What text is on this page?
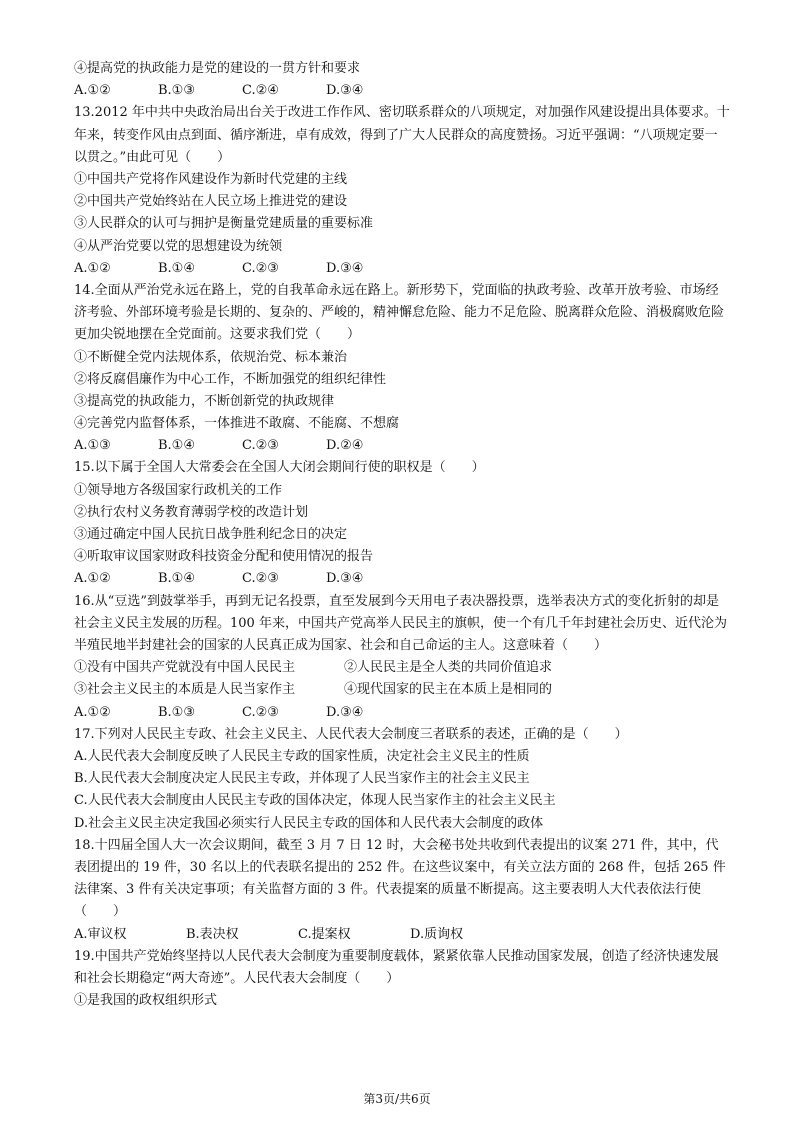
④提高党的执政能力是党的建设的一贯方针和要求
A.①②	B.①③	C.②④	D.③④
13.2012 年中共中央政治局出台关于改进工作作风、密切联系群众的八项规定，对加强作风建设提出具体要求。十年来，转变作风由点到面、循序渐进，卓有成效，得到了广大人民群众的高度赞扬。习近平强调：“八项规定要一以贯之。”由此可见（　　）
①中国共产党将作风建设作为新时代党建的主线
②中国共产党始终站在人民立场上推进党的建设
③人民群众的认可与拥护是衡量党建质量的重要标准
④从严治党要以党的思想建设为统领
A.①②	B.①④	C.②③	D.③④
14.全面从严治党永远在路上，党的自我革命永远在路上。新形势下，党面临的执政考验、改革开放考验、市场经济考验、外部环境考验是长期的、复杂的、严峻的，精神懈怠危险、能力不足危险、脱离群众危险、消极腐败危险更加尖锐地摆在全党面前。这要求我们党（　　）
①不断健全党内法规体系，依规治党、标本兼治
②将反腐倡廉作为中心工作，不断加强党的组织纪律性
③提高党的执政能力，不断创新党的执政规律
④完善党内监督体系，一体推进不敢腐、不能腐、不想腐
A.①③	B.①④	C.②③	D.②④
15.以下属于全国人大常委会在全国人大闭会期间行使的职权是（　　）
①领导地方各级国家行政机关的工作
②执行农村义务教育薄弱学校的改造计划
③通过确定中国人民抗日战争胜利纪念日的决定
④听取审议国家财政科技资金分配和使用情况的报告
A.①②	B.①④	C.②③	D.③④
16.从“豆选”到鼓掌举手，再到无记名投票，直至发展到今天用电子表决器投票，选举表决方式的变化折射的却是社会主义民主发展的历程。100 年来，中国共产党高举人民民主的旗帜，使一个有几千年封建社会历史、近代沦为半殖民地半封建社会的国家的人民真正成为国家、社会和自己命运的主人。这意味着（　　）
①没有中国共产党就没有中国人民民主	②人民民主是全人类的共同价值追求
③社会主义民主的本质是人民当家作主	④现代国家的民主在本质上是相同的
A.①②	B.①③	C.②③	D.③④
17.下列对人民民主专政、社会主义民主、人民代表大会制度三者联系的表述，正确的是（　　）
A.人民代表大会制度反映了人民民主专政的国家性质，决定社会主义民主的性质
B.人民代表大会制度决定人民民主专政，并体现了人民当家作主的社会主义民主
C.人民代表大会制度由人民民主专政的国体决定，体现人民当家作主的社会主义民主
D.社会主义民主决定我国必须实行人民民主专政的国体和人民代表大会制度的政体
18.十四届全国人大一次会议期间，截至 3 月 7 日 12 时，大会秘书处共收到代表提出的议案 271 件，其中，代表团提出的 19 件，30 名以上的代表联名提出的 252 件。在这些议案中，有关立法方面的 268 件，包括 265 件法律案、3 件有关决定事项；有关监督方面的 3 件。代表提案的质量不断提高。这主要表明人大代表依法行使（　　）
A.审议权	B.表决权	C.提案权	D.质询权
19.中国共产党始终坚持以人民代表大会制度为重要制度载体，紧紧依靠人民推动国家发展，创造了经济快速发展和社会长期稳定“两大奇迹”。人民代表大会制度（　　）
①是我国的政权组织形式
第3页/共6页
